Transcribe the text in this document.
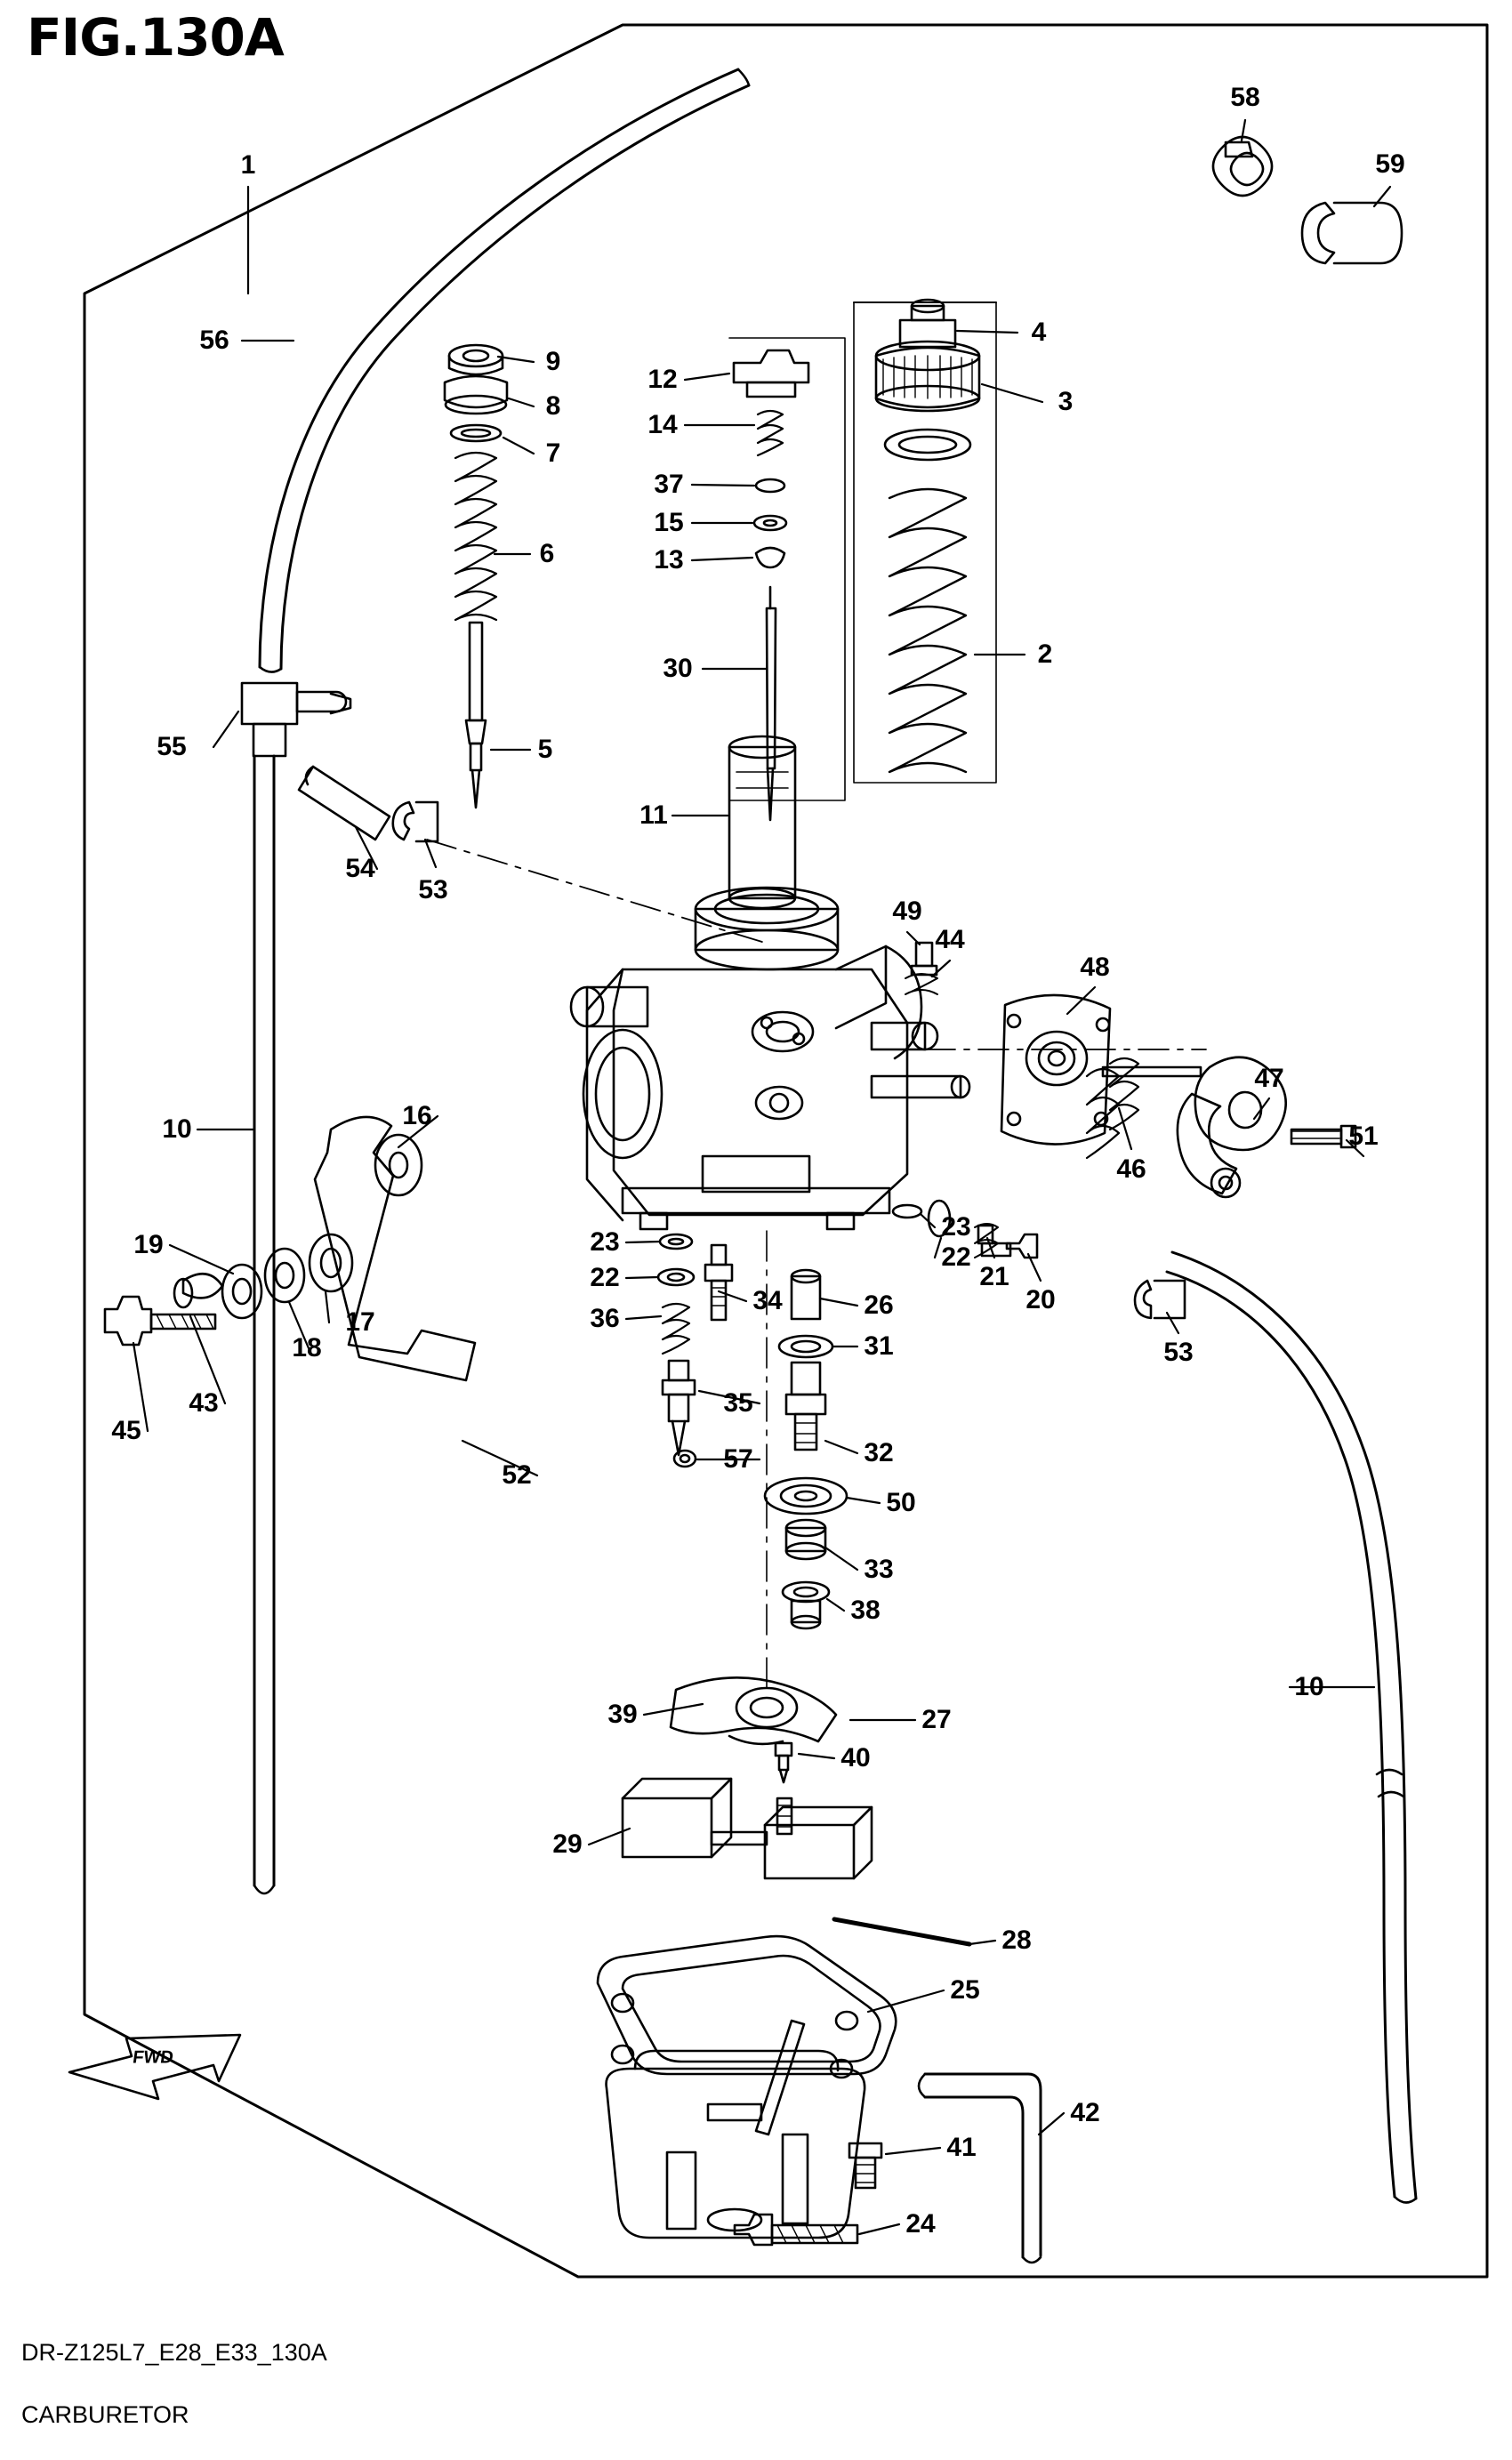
FIG.130A
FWD
1
56
9
8
7
12
14
37
15
13
4
3
58
59
6
2
30
5
11
55
54
53
49
44
48
47
51
10	16
46
19	23
22
36
23
22
21
20
53
34	26
31
17
18
43
45
35
57	32
52
50
33
38
39	27
40
29
28
25
10
42
41
24
DR-Z125L7_E28_E33_130A
CARBURETOR
